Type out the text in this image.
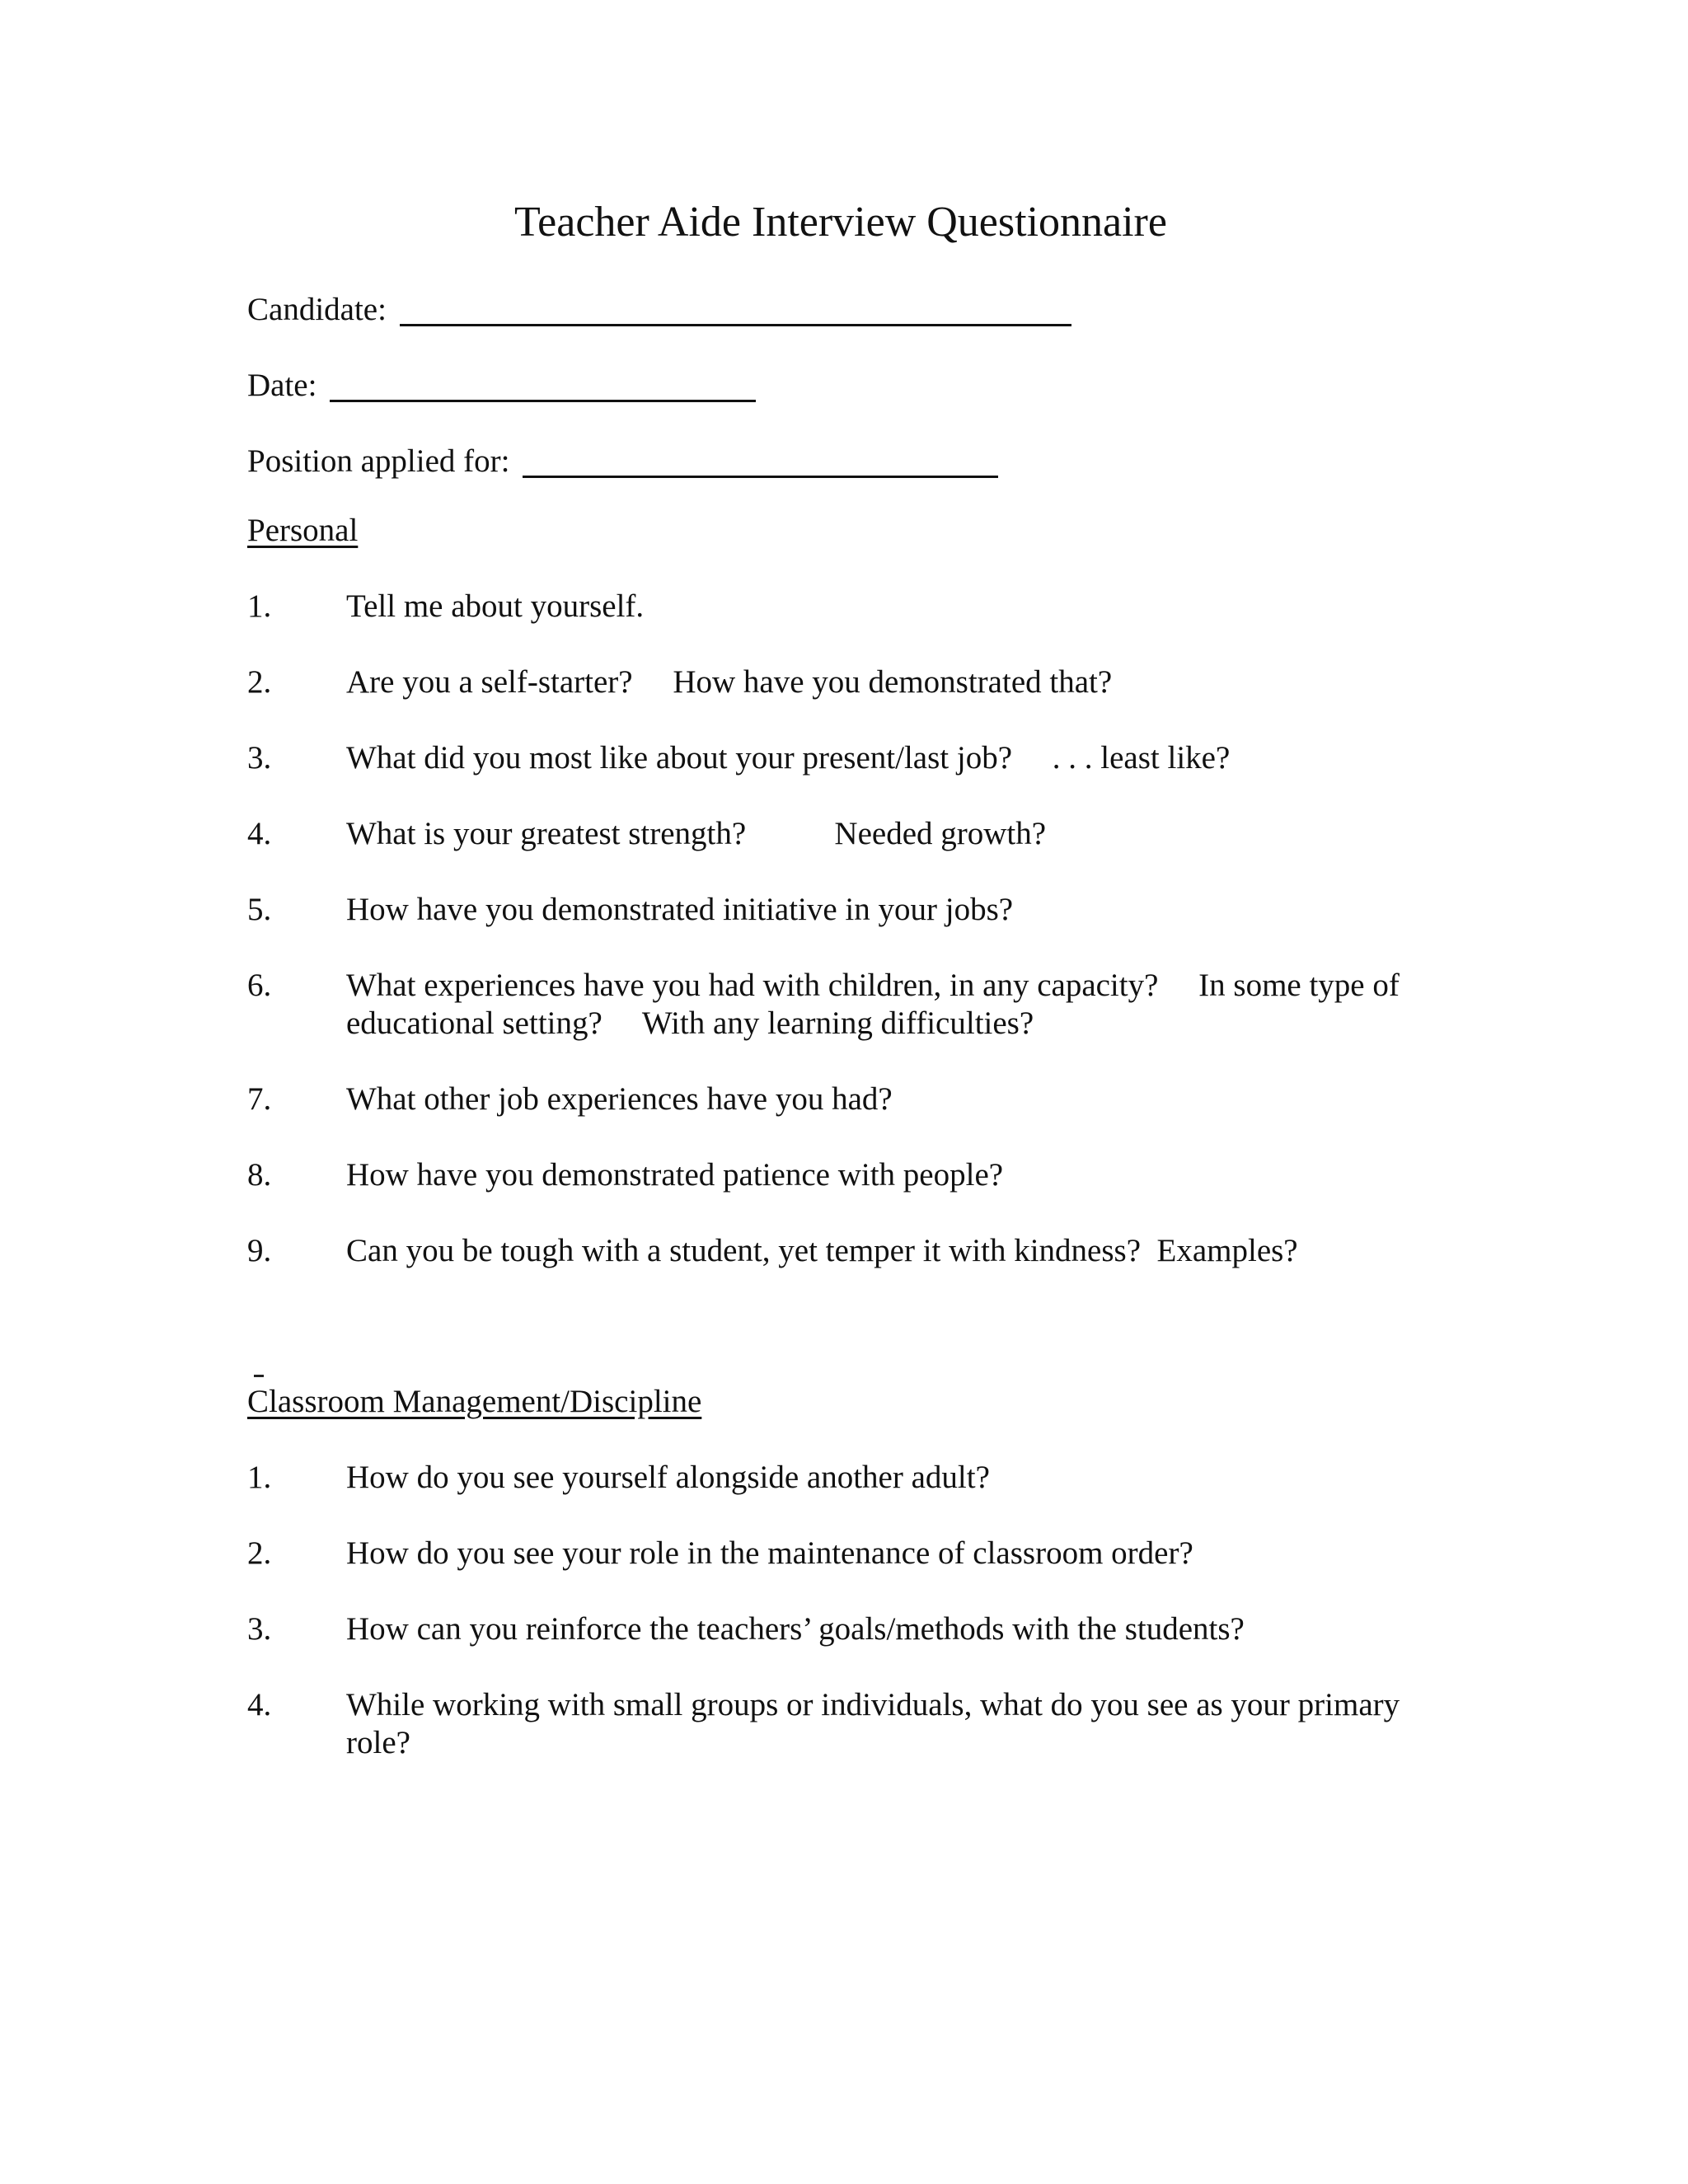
Teacher Aide Interview Questionnaire
Candidate:
Date:
Position applied for:
Personal
1.	Tell me about yourself.
2.	Are you a self-starter?     How have you demonstrated that?
3.	What did you most like about your present/last job?     . . . least like?
4.	What is your greatest strength?           Needed growth?
5.	How have you demonstrated initiative in your jobs?
6.	What experiences have you had with children, in any capacity?     In some type of educational setting?     With any learning difficulties?
7.	What other job experiences have you had?
8.	How have you demonstrated patience with people?
9.	Can you be tough with a student, yet temper it with kindness?  Examples?
Classroom Management/Discipline
1.	How do you see yourself alongside another adult?
2.	How do you see your role in the maintenance of classroom order?
3.	How can you reinforce the teachers’ goals/methods with the students?
4.	While working with small groups or individuals, what do you see as your primary role?
